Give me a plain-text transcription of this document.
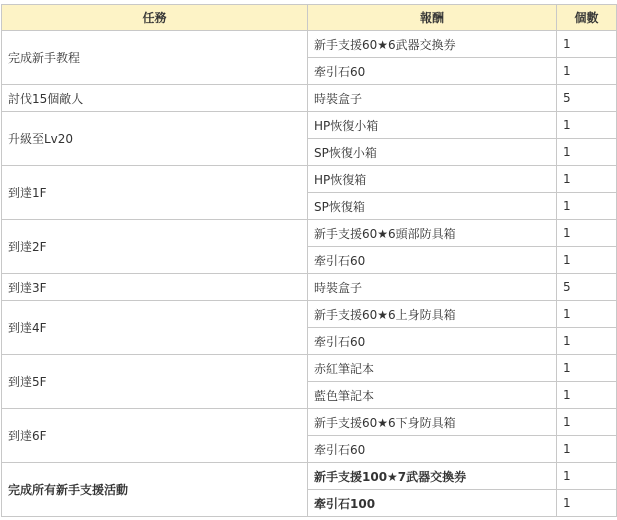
任務	報酬	個數
完成新手教程	新手支援60★6武器交換券	1
	牽引石60	1
討伐15個敵人	時裝盒子	5
升級至Lv20	HP恢復小箱	1
	SP恢復小箱	1
到達1F	HP恢復箱	1
	SP恢復箱	1
到達2F	新手支援60★6頭部防具箱	1
	牽引石60	1
到達3F	時裝盒子	5
到達4F	新手支援60★6上身防具箱	1
	牽引石60	1
到達5F	赤紅筆記本	1
	藍色筆記本	1
到達6F	新手支援60★6下身防具箱	1
	牽引石60	1
完成所有新手支援活動	新手支援100★7武器交換券	1
	牽引石100	1
